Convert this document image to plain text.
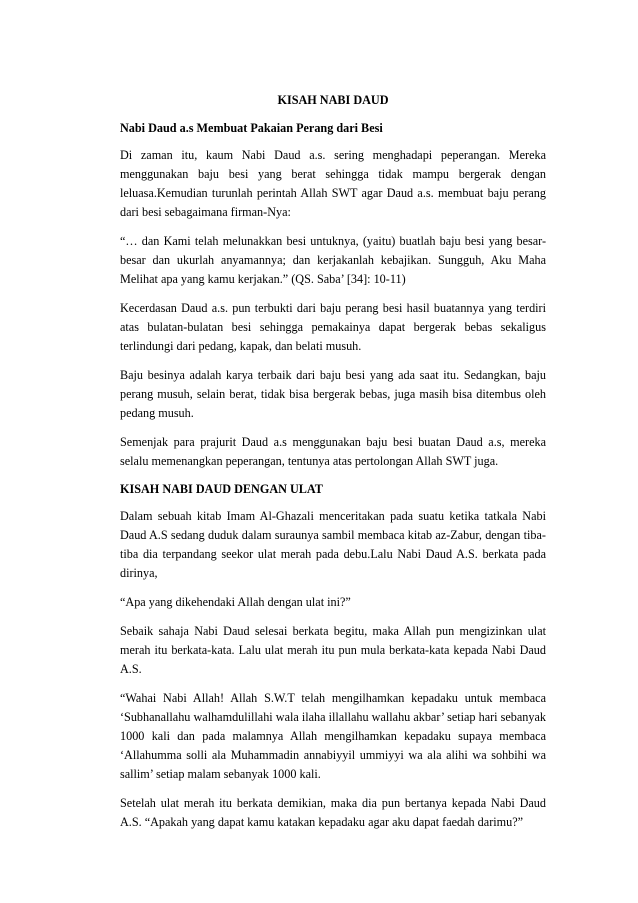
KISAH NABI DAUD
Nabi Daud a.s Membuat Pakaian Perang dari Besi

Di zaman itu, kaum Nabi Daud a.s. sering menghadapi peperangan. Mereka menggunakan baju besi yang berat sehingga tidak mampu bergerak dengan leluasa.Kemudian turunlah perintah Allah SWT agar Daud a.s. membuat baju perang dari besi sebagaimana firman-Nya:

“… dan Kami telah melunakkan besi untuknya, (yaitu) buatlah baju besi yang besar-besar dan ukurlah anyamannya; dan kerjakanlah kebajikan. Sungguh, Aku Maha Melihat apa yang kamu kerjakan.” (QS. Saba’ [34]: 10-11)

Kecerdasan Daud a.s. pun terbukti dari baju perang besi hasil buatannya yang terdiri atas bulatan-bulatan besi sehingga pemakainya dapat bergerak bebas sekaligus terlindungi dari pedang, kapak, dan belati musuh.

Baju besinya adalah karya terbaik dari baju besi yang ada saat itu. Sedangkan, baju perang musuh, selain berat, tidak bisa bergerak bebas, juga masih bisa ditembus oleh pedang musuh.

Semenjak para prajurit Daud a.s menggunakan baju besi buatan Daud a.s, mereka selalu memenangkan peperangan, tentunya atas pertolongan Allah SWT juga.

KISAH NABI DAUD DENGAN ULAT

Dalam sebuah kitab Imam Al-Ghazali menceritakan pada suatu ketika tatkala Nabi Daud A.S sedang duduk dalam suraunya sambil membaca kitab az-Zabur, dengan tiba-tiba dia terpandang seekor ulat merah pada debu.Lalu Nabi Daud A.S. berkata pada dirinya,

“Apa yang dikehendaki Allah dengan ulat ini?”

Sebaik sahaja Nabi Daud selesai berkata begitu, maka Allah pun mengizinkan ulat merah itu berkata-kata. Lalu ulat merah itu pun mula berkata-kata kepada Nabi Daud A.S.

“Wahai Nabi Allah! Allah S.W.T telah mengilhamkan kepadaku untuk membaca ‘Subhanallahu walhamdulillahi wala ilaha illallahu wallahu akbar’ setiap hari sebanyak 1000 kali dan pada malamnya Allah mengilhamkan kepadaku supaya membaca ‘Allahumma solli ala Muhammadin annabiyyil ummiyyi wa ala alihi wa sohbihi wa sallim’ setiap malam sebanyak 1000 kali.

Setelah ulat merah itu berkata demikian, maka dia pun bertanya kepada Nabi Daud A.S. “Apakah yang dapat kamu katakan kepadaku agar aku dapat faedah darimu?”
